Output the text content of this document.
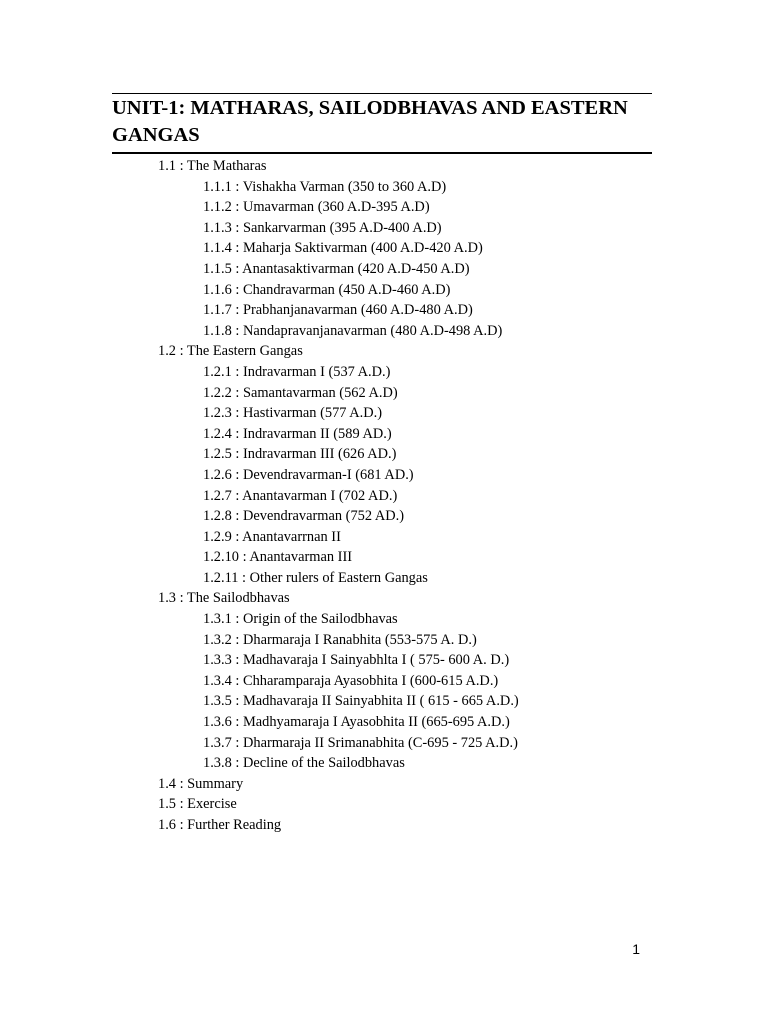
UNIT-1: MATHARAS, SAILODBHAVAS AND EASTERN GANGAS
1.1 : The Matharas
1.1.1 : Vishakha Varman (350 to 360 A.D)
1.1.2 : Umavarman (360 A.D-395 A.D)
1.1.3 : Sankarvarman (395 A.D-400 A.D)
1.1.4 : Maharja Saktivarman (400 A.D-420 A.D)
1.1.5 : Anantasaktivarman (420 A.D-450 A.D)
1.1.6 : Chandravarman (450 A.D-460 A.D)
1.1.7 : Prabhanjanavarman (460 A.D-480 A.D)
1.1.8 : Nandapravanjanavarman (480 A.D-498 A.D)
1.2 : The Eastern Gangas
1.2.1 : Indravarman I (537 A.D.)
1.2.2 : Samantavarman (562 A.D)
1.2.3 : Hastivarman (577 A.D.)
1.2.4 : Indravarman II (589 AD.)
1.2.5 : Indravarman III (626 AD.)
1.2.6 : Devendravarman-I (681 AD.)
1.2.7 : Anantavarman I (702 AD.)
1.2.8 : Devendravarman (752 AD.)
1.2.9 : Anantavarrnan II
1.2.10 : Anantavarman III
1.2.11 : Other rulers of Eastern Gangas
1.3 : The Sailodbhavas
1.3.1 : Origin of the Sailodbhavas
1.3.2 : Dharmaraja I Ranabhita (553-575 A. D.)
1.3.3 : Madhavaraja I Sainyabhlta I ( 575- 600 A. D.)
1.3.4 : Chharamparaja Ayasobhita I (600-615 A.D.)
1.3.5 : Madhavaraja II Sainyabhita II ( 615 - 665 A.D.)
1.3.6 : Madhyamaraja I Ayasobhita II (665-695 A.D.)
1.3.7 : Dharmaraja II Srimanabhita (C-695 - 725 A.D.)
1.3.8 : Decline of the Sailodbhavas
1.4 : Summary
1.5 : Exercise
1.6 : Further Reading
1
